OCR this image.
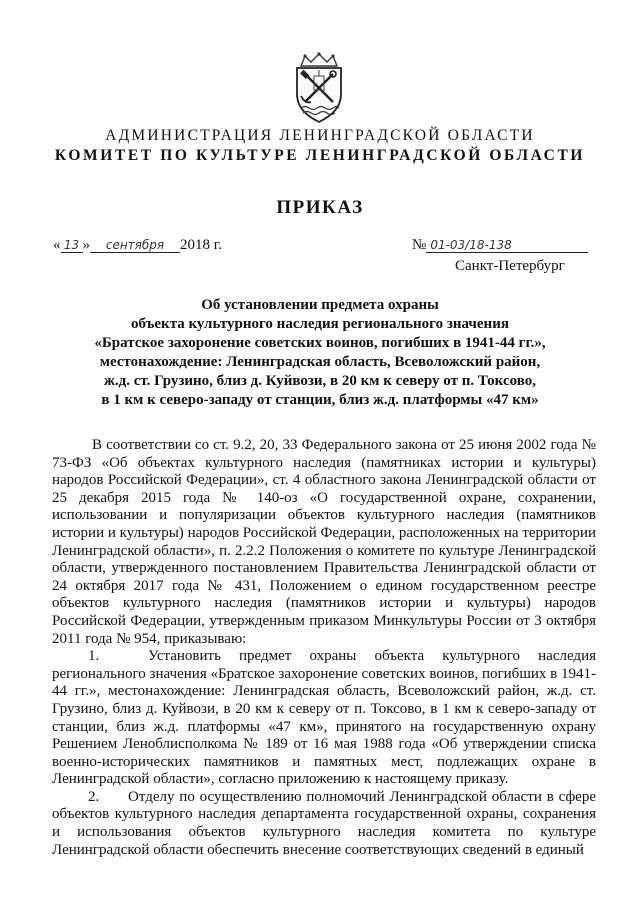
АДМИНИСТРАЦИЯ ЛЕНИНГРАДСКОЙ ОБЛАСТИ
КОМИТЕТ ПО КУЛЬТУРЕ ЛЕНИНГРАДСКОЙ ОБЛАСТИ
ПРИКАЗ
« 13 » сентября 2018 г.	№ 01-03/18-138
Санкт-Петербург
Об установлении предмета охраны
объекта культурного наследия регионального значения
«Братское захоронение советских воинов, погибших в 1941-44 гг.»,
местонахождение: Ленинградская область, Всеволожский район,
ж.д. ст. Грузино, близ д. Куйвози, в 20 км к северу от п. Токсово,
в 1 км к северо-западу от станции, близ ж.д. платформы «47 км»

В соответствии со ст. 9.2, 20, 33 Федерального закона от 25 июня 2002 года № 73-ФЗ «Об объектах культурного наследия (памятниках истории и культуры) народов Российской Федерации», ст. 4 областного закона Ленинградской области от 25 декабря 2015 года № 140-оз «О государственной охране, сохранении, использовании и популяризации объектов культурного наследия (памятников истории и культуры) народов Российской Федерации, расположенных на территории Ленинградской области», п. 2.2.2 Положения о комитете по культуре Ленинградской области, утвержденного постановлением Правительства Ленинградской области от 24 октября 2017 года № 431, Положением о едином государственном реестре объектов культурного наследия (памятников истории и культуры) народов Российской Федерации, утвержденным приказом Минкультуры России от 3 октября 2011 года № 954, приказываю:

1.	Установить предмет охраны объекта культурного наследия регионального значения «Братское захоронение советских воинов, погибших в 1941-44 гг.», местонахождение: Ленинградская область, Всеволожский район, ж.д. ст. Грузино, близ д. Куйвози, в 20 км к северу от п. Токсово, в 1 км к северо-западу от станции, близ ж.д. платформы «47 км», принятого на государственную охрану Решением Леноблисполкома № 189 от 16 мая 1988 года «Об утверждении списка военно-исторических памятников и памятных мест, подлежащих охране в Ленинградской области», согласно приложению к настоящему приказу.

2. Отделу по осуществлению полномочий Ленинградской области в сфере объектов культурного наследия департамента государственной охраны, сохранения и использования объектов культурного наследия комитета по культуре Ленинградской области обеспечить внесение соответствующих сведений в единый
